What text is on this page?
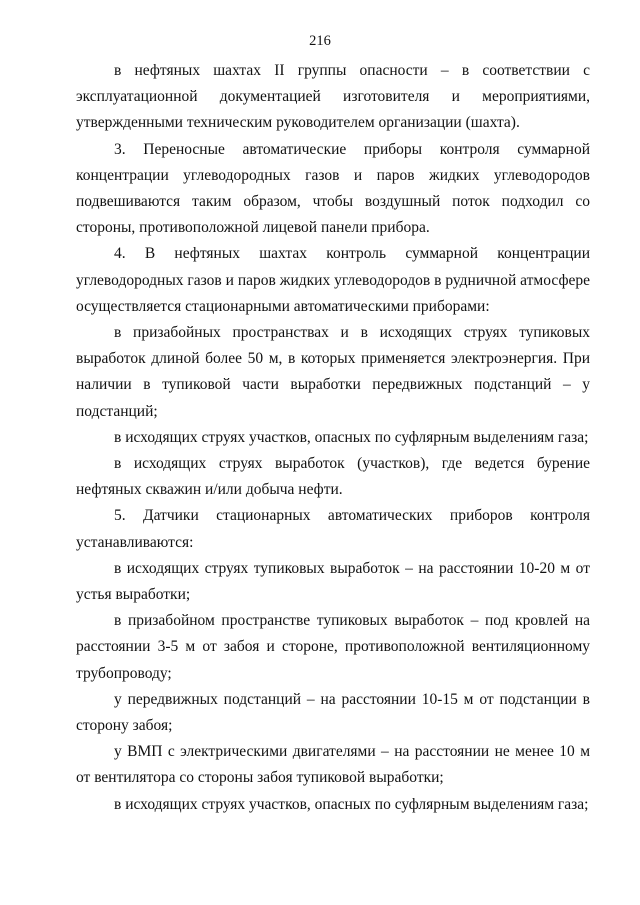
216

в нефтяных шахтах II группы опасности – в соответствии с эксплуатационной документацией изготовителя и мероприятиями, утвержденными техническим руководителем организации (шахта).

3. Переносные автоматические приборы контроля суммарной концентрации углеводородных газов и паров жидких углеводородов подвешиваются таким образом, чтобы воздушный поток подходил со стороны, противоположной лицевой панели прибора.

4. В нефтяных шахтах контроль суммарной концентрации углеводородных газов и паров жидких углеводородов в рудничной атмосфере осуществляется стационарными автоматическими приборами:

в призабойных пространствах и в исходящих струях тупиковых выработок длиной более 50 м, в которых применяется электроэнергия. При наличии в тупиковой части выработки передвижных подстанций – у подстанций;

в исходящих струях участков, опасных по суфлярным выделениям газа;

в исходящих струях выработок (участков), где ведется бурение нефтяных скважин и/или добыча нефти.

5. Датчики стационарных автоматических приборов контроля устанавливаются:

в исходящих струях тупиковых выработок – на расстоянии 10-20 м от устья выработки;

в призабойном пространстве тупиковых выработок – под кровлей на расстоянии 3-5 м от забоя и стороне, противоположной вентиляционному трубопроводу;

у передвижных подстанций – на расстоянии 10-15 м от подстанции в сторону забоя;

у ВМП с электрическими двигателями – на расстоянии не менее 10 м от вентилятора со стороны забоя тупиковой выработки;

в исходящих струях участков, опасных по суфлярным выделениям газа;
